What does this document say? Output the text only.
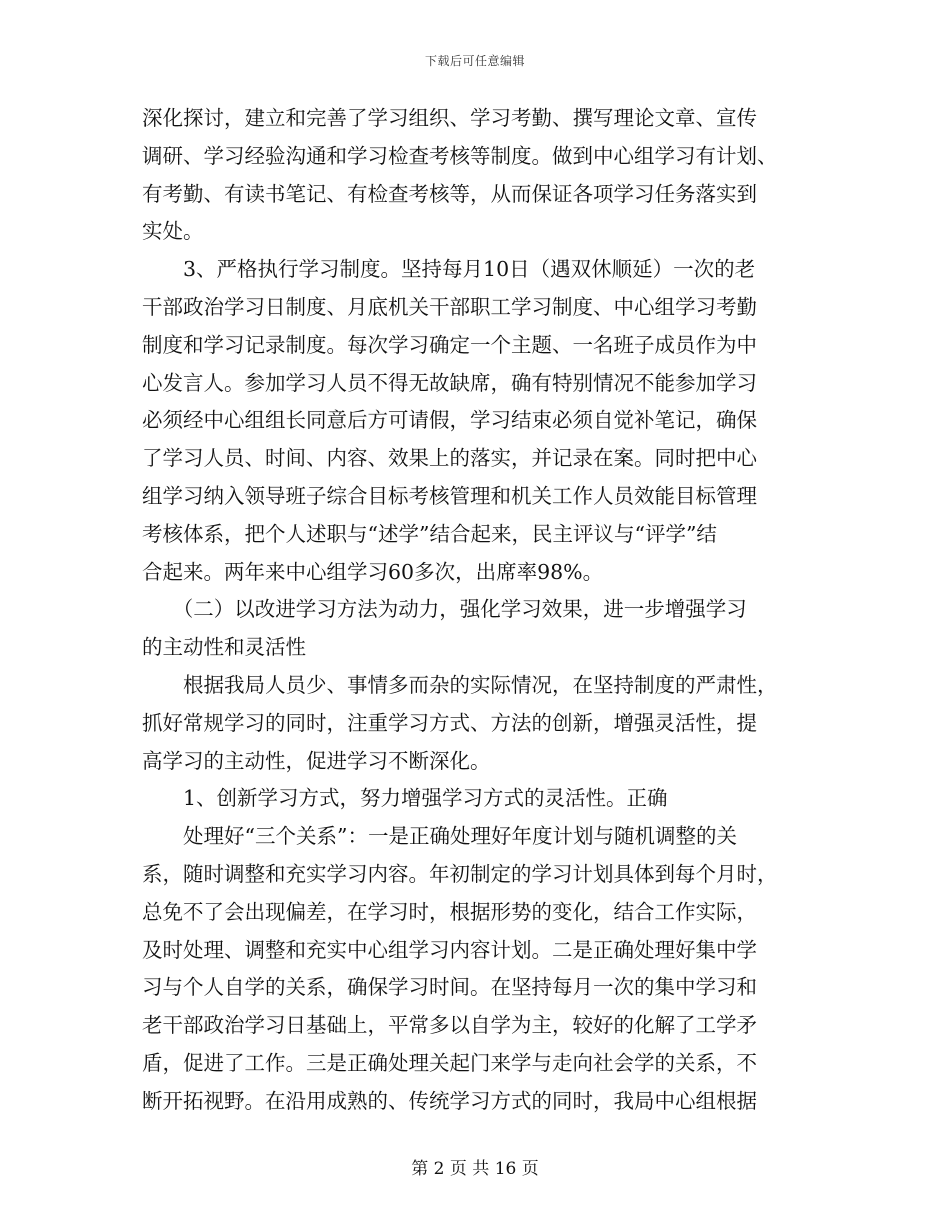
下载后可任意编辑
深化探讨，建立和完善了学习组织、学习考勤、撰写理论文章、宣传
调研、学习经验沟通和学习检查考核等制度。做到中心组学习有计划、
有考勤、有读书笔记、有检查考核等，从而保证各项学习任务落实到
实处。
　　3、严格执行学习制度。坚持每月10日（遇双休顺延）一次的老
干部政治学习日制度、月底机关干部职工学习制度、中心组学习考勤
制度和学习记录制度。每次学习确定一个主题、一名班子成员作为中
心发言人。参加学习人员不得无故缺席，确有特别情况不能参加学习
必须经中心组组长同意后方可请假，学习结束必须自觉补笔记，确保
了学习人员、时间、内容、效果上的落实，并记录在案。同时把中心
组学习纳入领导班子综合目标考核管理和机关工作人员效能目标管理
考核体系，把个人述职与“述学”结合起来，民主评议与“评学”结
合起来。两年来中心组学习60多次，出席率98%。
　　（二）以改进学习方法为动力，强化学习效果，进一步增强学习
的主动性和灵活性
　　根据我局人员少、事情多而杂的实际情况，在坚持制度的严肃性，
抓好常规学习的同时，注重学习方式、方法的创新，增强灵活性，提
高学习的主动性，促进学习不断深化。
　　1、创新学习方式，努力增强学习方式的灵活性。正确
　　处理好“三个关系”：一是正确处理好年度计划与随机调整的关
系，随时调整和充实学习内容。年初制定的学习计划具体到每个月时，
总免不了会出现偏差，在学习时，根据形势的变化，结合工作实际，
及时处理、调整和充实中心组学习内容计划。二是正确处理好集中学
习与个人自学的关系，确保学习时间。在坚持每月一次的集中学习和
老干部政治学习日基础上，平常多以自学为主，较好的化解了工学矛
盾，促进了工作。三是正确处理关起门来学与走向社会学的关系，不
断开拓视野。在沿用成熟的、传统学习方式的同时，我局中心组根据
第 2 页 共 16 页
